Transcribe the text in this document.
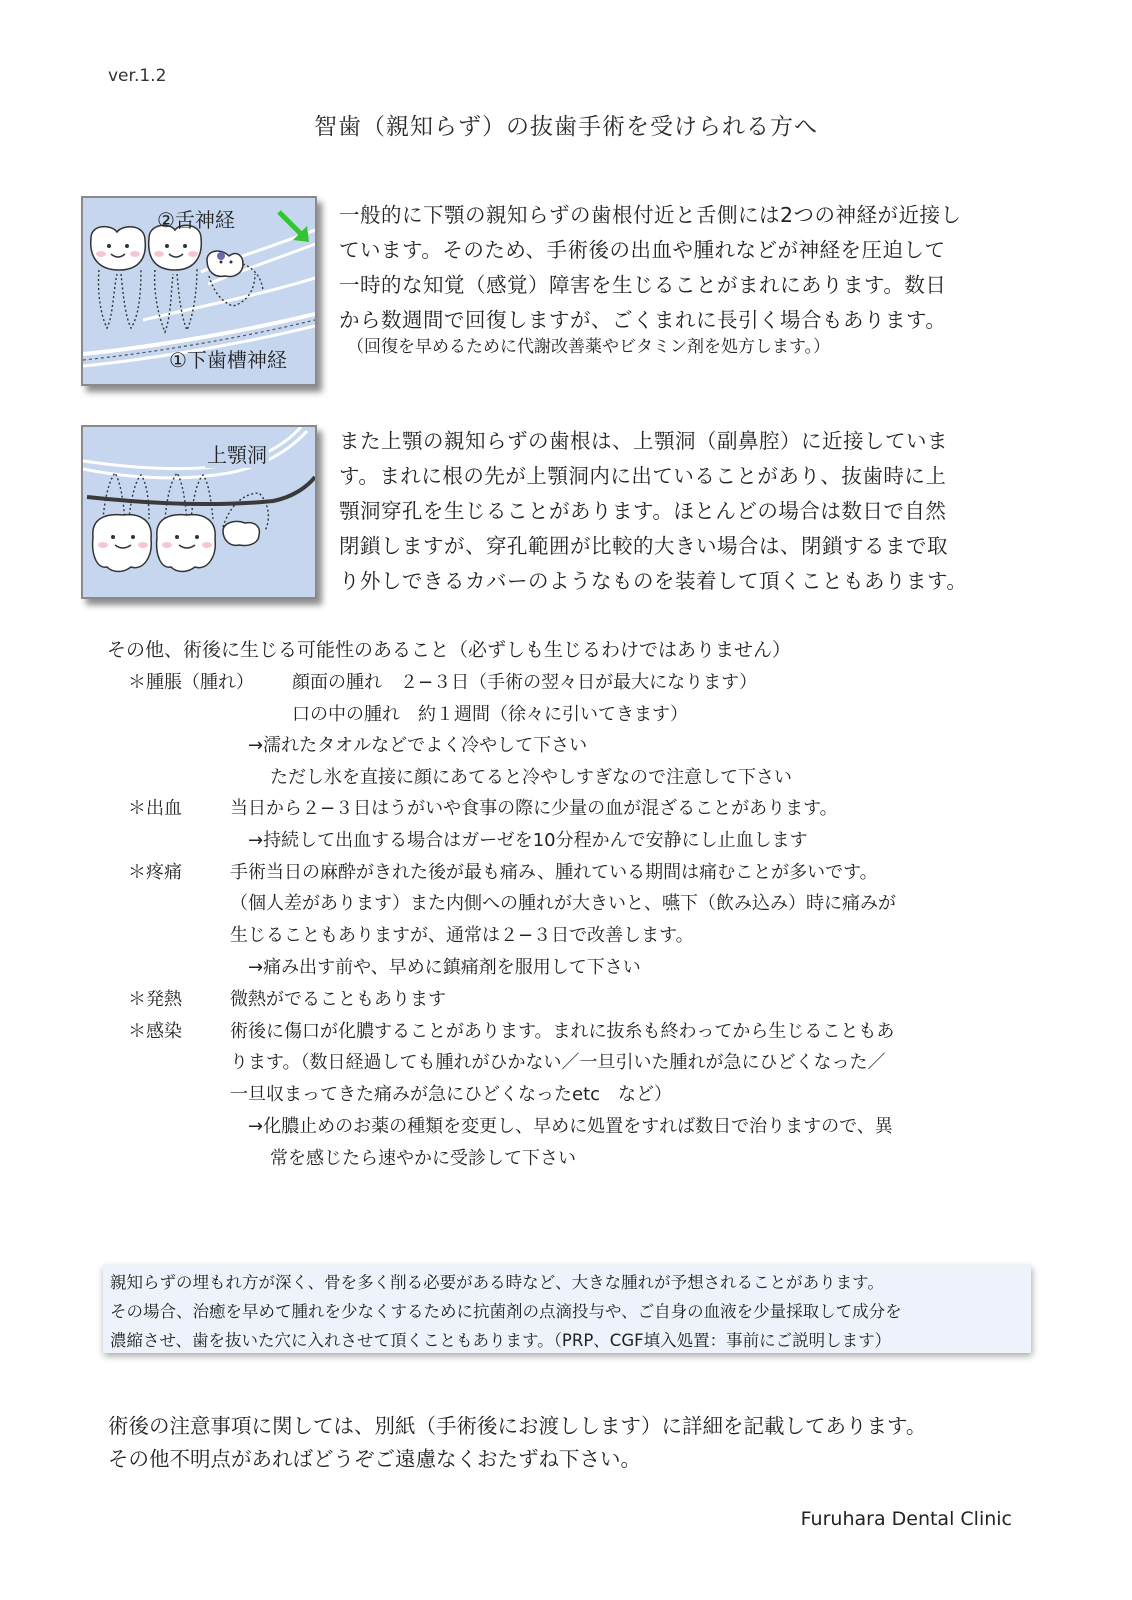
ver.1.2
智歯（親知らず）の抜歯手術を受けられる方へ
②舌神経
①下歯槽神経
一般的に下顎の親知らずの歯根付近と舌側には2つの神経が近接し
ています。そのため、手術後の出血や腫れなどが神経を圧迫して
一時的な知覚（感覚）障害を生じることがまれにあります。数日
から数週間で回復しますが、ごくまれに長引く場合もあります。
（回復を早めるために代謝改善薬やビタミン剤を処方します。）
上顎洞
また上顎の親知らずの歯根は、上顎洞（副鼻腔）に近接していま
す。まれに根の先が上顎洞内に出ていることがあり、抜歯時に上
顎洞穿孔を生じることがあります。ほとんどの場合は数日で自然
閉鎖しますが、穿孔範囲が比較的大きい場合は、閉鎖するまで取
り外しできるカバーのようなものを装着して頂くこともあります。
その他、術後に生じる可能性のあること（必ずしも生じるわけではありません）
＊腫脹（腫れ） 顔面の腫れ　２−３日（手術の翌々日が最大になります）
口の中の腫れ　約１週間（徐々に引いてきます）
→濡れたタオルなどでよく冷やして下さい
ただし氷を直接に顔にあてると冷やしすぎなので注意して下さい
＊出血	当日から２−３日はうがいや食事の際に少量の血が混ざることがあります。
→持続して出血する場合はガーゼを10分程かんで安静にし止血します
＊疼痛	手術当日の麻酔がきれた後が最も痛み、腫れている期間は痛むことが多いです。
（個人差があります）また内側への腫れが大きいと、嚥下（飲み込み）時に痛みが
生じることもありますが、通常は２−３日で改善します。
→痛み出す前や、早めに鎮痛剤を服用して下さい
＊発熱	微熱がでることもあります
＊感染	術後に傷口が化膿することがあります。まれに抜糸も終わってから生じることもあ
ります。（数日経過しても腫れがひかない／一旦引いた腫れが急にひどくなった／
一旦収まってきた痛みが急にひどくなったetc　など）
→化膿止めのお薬の種類を変更し、早めに処置をすれば数日で治りますので、異
常を感じたら速やかに受診して下さい
親知らずの埋もれ方が深く、骨を多く削る必要がある時など、大きな腫れが予想されることがあります。
その場合、治癒を早めて腫れを少なくするために抗菌剤の点滴投与や、ご自身の血液を少量採取して成分を
濃縮させ、歯を抜いた穴に入れさせて頂くこともあります。（PRP、CGF填入処置：事前にご説明します）
術後の注意事項に関しては、別紙（手術後にお渡しします）に詳細を記載してあります。
その他不明点があればどうぞご遠慮なくおたずね下さい。
Furuhara Dental Clinic
